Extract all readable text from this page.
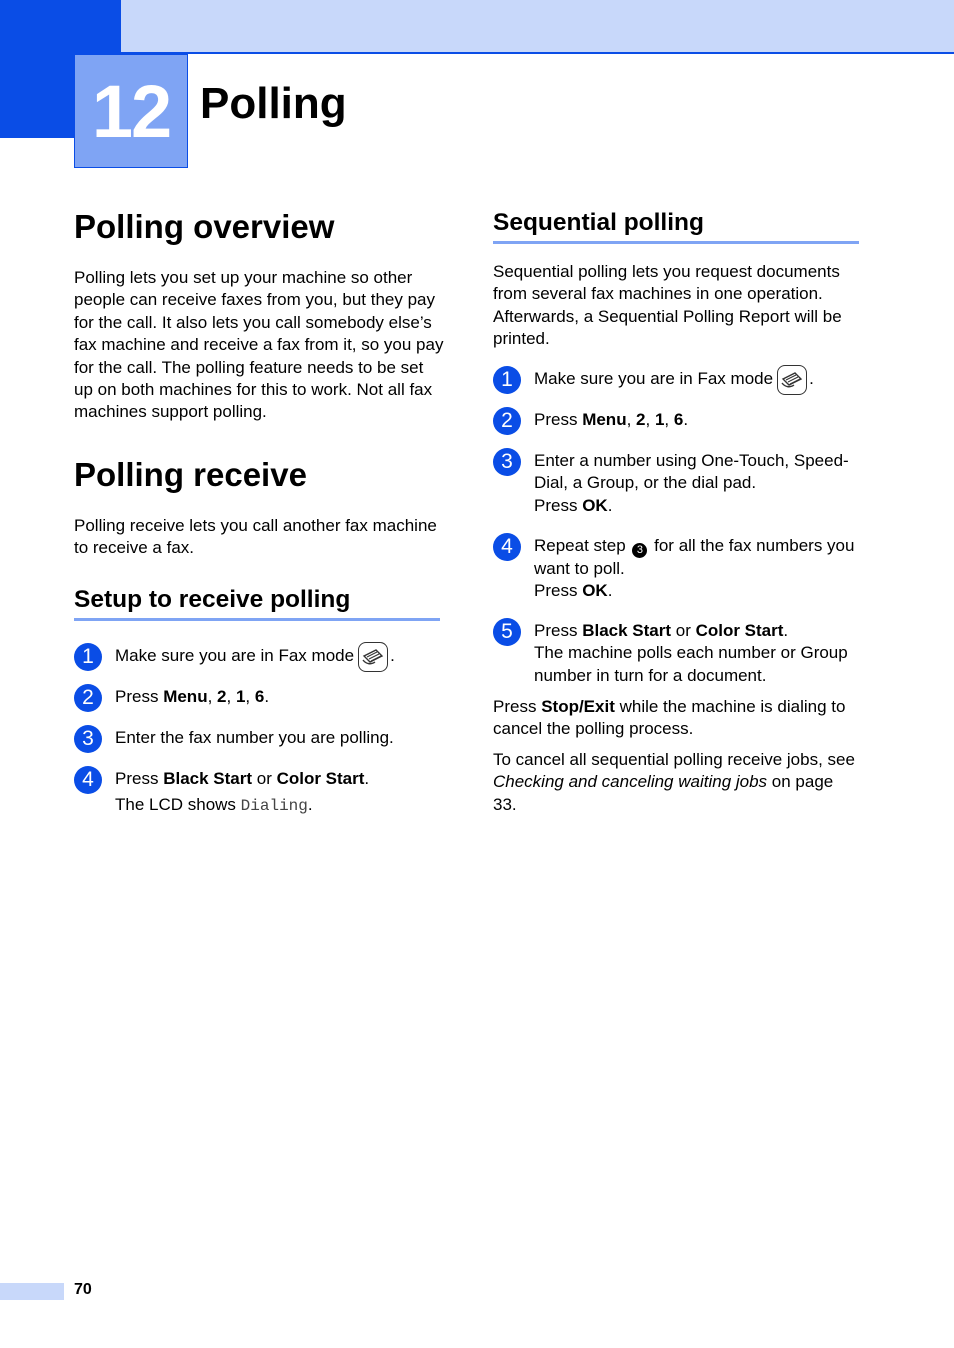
12 Polling
Polling overview

Polling lets you set up your machine so other people can receive faxes from you, but they pay for the call. It also lets you call somebody else’s fax machine and receive a fax from it, so you pay for the call. The polling feature needs to be set up on both machines for this to work. Not all fax machines support polling.

Polling receive

Polling receive lets you call another fax machine to receive a fax.

Setup to receive polling
1	Make sure you are in Fax mode .
2	Press Menu, 2, 1, 6.
3	Enter the fax number you are polling.
4	Press Black Start or Color Start.
The LCD shows Dialing.
Sequential polling

Sequential polling lets you request documents from several fax machines in one operation. Afterwards, a Sequential Polling Report will be printed.

1	Make sure you are in Fax mode .
2	Press Menu, 2, 1, 6.
3	Enter a number using One-Touch, Speed-Dial, a Group, or the dial pad.
Press OK.
4	Repeat step 3 for all the fax numbers you want to poll.
Press OK.
5	Press Black Start or Color Start.
The machine polls each number or Group number in turn for a document.

Press Stop/Exit while the machine is dialing to cancel the polling process.

To cancel all sequential polling receive jobs, see Checking and canceling waiting jobs on page 33.

70
